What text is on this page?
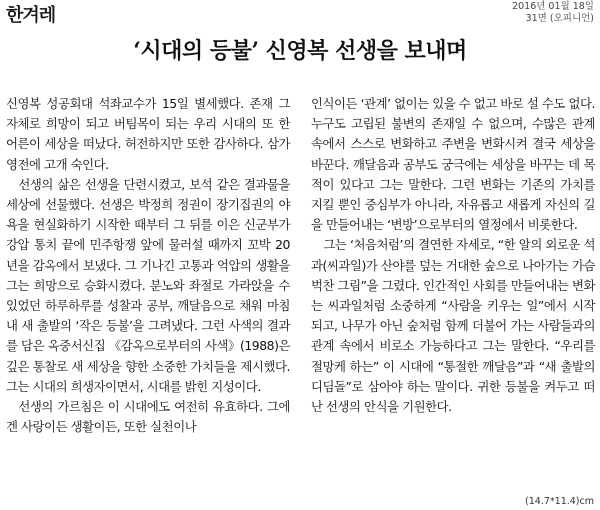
한겨레	2016년 01월 18일
31면 (오피니언)
‘시대의 등불’ 신영복 선생을 보내며

신영복 성공회대 석좌교수가 15일 별세했다. 존재 그 자체로 희망이 되고 버팀목이 되는 우리 시대의 또 한 어른이 세상을 떠났다. 허전하지만 또한 감사하다. 삼가 영전에 고개 숙인다.

선생의 삶은 선생을 단련시켰고, 보석 같은 결과물을 세상에 선물했다. 선생은 박정희 정권이 장기집권의 야욕을 현실화하기 시작한 때부터 그 뒤를 이은 신군부가 강압 통치 끝에 민주항쟁 앞에 물러설 때까지 꼬박 20년을 감옥에서 보냈다. 그 기나긴 고통과 억압의 생활을 그는 희망으로 승화시켰다. 분노와 좌절로 가라앉을 수 있었던 하루하루를 성찰과 공부, 깨달음으로 채워 마침내 새 출발의 ‘작은 등불’을 그려냈다. 그런 사색의 결과를 담은 옥중서신집 《감옥으로부터의 사색》(1988)은 깊은 통찰로 새 세상을 향한 소중한 가치들을 제시했다. 그는 시대의 희생자이면서, 시대를 밝힌 지성이다.

선생의 가르침은 이 시대에도 여전히 유효하다. 그에겐 사랑이든 생활이든, 또한 실천이나

인식이든 ‘관계’ 없이는 있을 수 없고 바로 설 수도 없다. 누구도 고립된 불변의 존재일 수 없으며, 수많은 관계 속에서 스스로 변화하고 주변을 변화시켜 결국 세상을 바꾼다. 깨달음과 공부도 궁극에는 세상을 바꾸는 데 목적이 있다고 그는 말한다. 그런 변화는 기존의 가치를 지킬 뿐인 중심부가 아니라, 자유롭고 새롭게 자신의 길을 만들어내는 ‘변방’으로부터의 열정에서 비롯한다.

그는 ‘처음처럼’의 결연한 자세로, “한 알의 외로운 석과(씨과일)가 산야를 덮는 거대한 숲으로 나아가는 가슴 벅찬 그림”을 그렸다. 인간적인 사회를 만들어내는 변화는 씨과일처럼 소중하게 “사람을 키우는 일”에서 시작되고, 나무가 아닌 숲처럼 함께 더불어 가는 사람들과의 관계 속에서 비로소 가능하다고 그는 말한다. “우리를 절망케 하는” 이 시대에 “통절한 깨달음”과 “새 출발의 디딤돌”로 삼아야 하는 말이다. 귀한 등불을 켜두고 떠난 선생의 안식을 기원한다.

(14.7*11.4)cm
